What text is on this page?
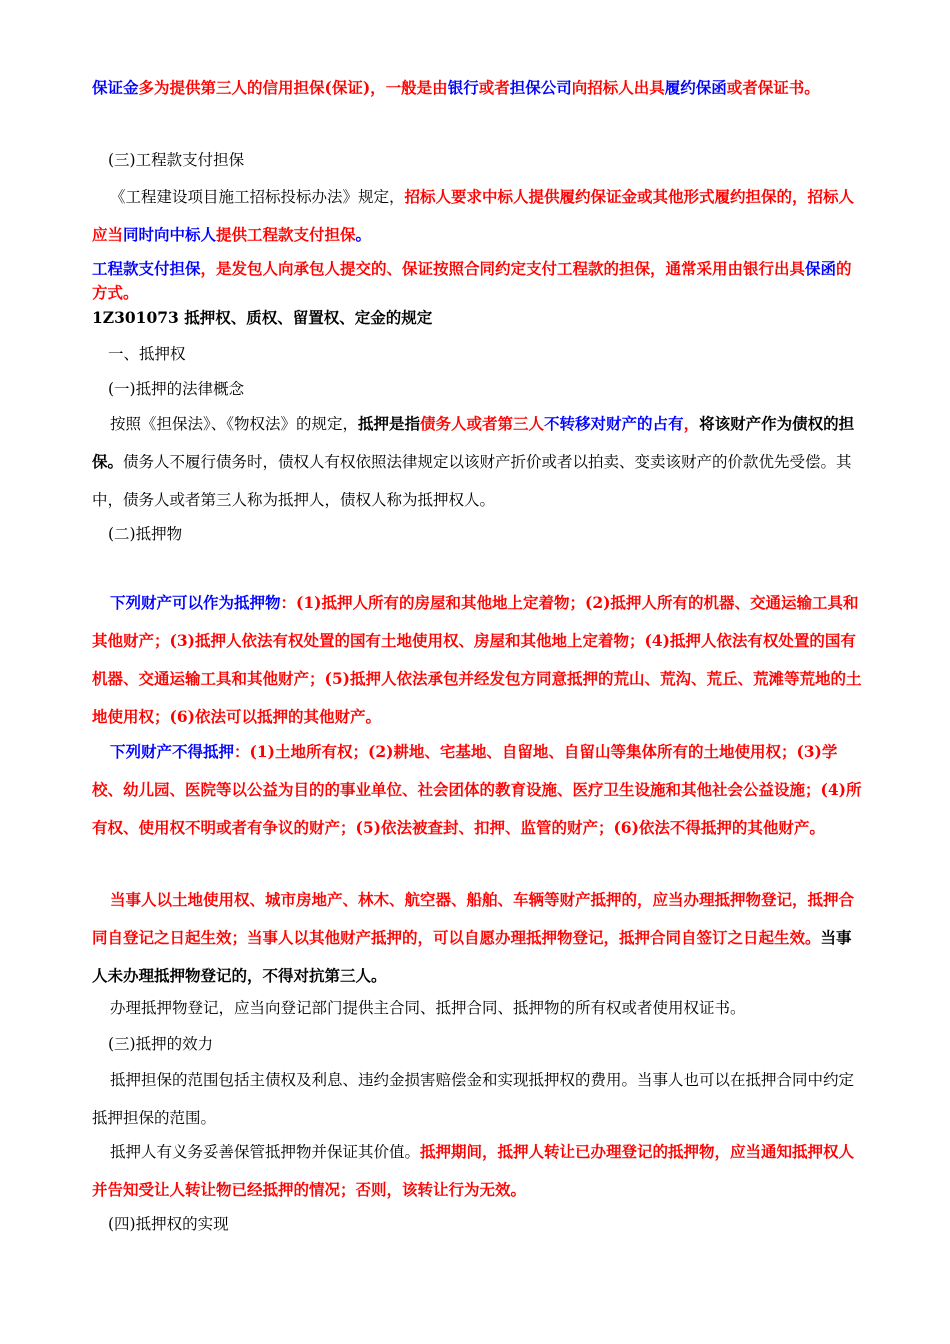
保证金多为提供第三人的信用担保(保证)，一般是由银行或者担保公司向招标人出具履约保函或者保证书。

(三)工程款支付担保

《工程建设项目施工招标投标办法》规定，招标人要求中标人提供履约保证金或其他形式履约担保的，招标人应当同时向中标人提供工程款支付担保。

工程款支付担保，是发包人向承包人提交的、保证按照合同约定支付工程款的担保，通常采用由银行出具保函的方式。

1Z301073 抵押权、质权、留置权、定金的规定

一、抵押权

(一)抵押的法律概念

按照《担保法》、《物权法》的规定，抵押是指债务人或者第三人不转移对财产的占有，将该财产作为债权的担保。债务人不履行债务时，债权人有权依照法律规定以该财产折价或者以拍卖、变卖该财产的价款优先受偿。其中，债务人或者第三人称为抵押人，债权人称为抵押权人。

(二)抵押物

下列财产可以作为抵押物：(1)抵押人所有的房屋和其他地上定着物；(2)抵押人所有的机器、交通运输工具和其他财产；(3)抵押人依法有权处置的国有土地使用权、房屋和其他地上定着物；(4)抵押人依法有权处置的国有机器、交通运输工具和其他财产；(5)抵押人依法承包并经发包方同意抵押的荒山、荒沟、荒丘、荒滩等荒地的土地使用权；(6)依法可以抵押的其他财产。

下列财产不得抵押：(1)土地所有权；(2)耕地、宅基地、自留地、自留山等集体所有的土地使用权；(3)学校、幼儿园、医院等以公益为目的的事业单位、社会团体的教育设施、医疗卫生设施和其他社会公益设施；(4)所有权、使用权不明或者有争议的财产；(5)依法被查封、扣押、监管的财产；(6)依法不得抵押的其他财产。

当事人以土地使用权、城市房地产、林木、航空器、船舶、车辆等财产抵押的，应当办理抵押物登记，抵押合同自登记之日起生效；当事人以其他财产抵押的，可以自愿办理抵押物登记，抵押合同自签订之日起生效。当事人未办理抵押物登记的，不得对抗第三人。

办理抵押物登记，应当向登记部门提供主合同、抵押合同、抵押物的所有权或者使用权证书。

(三)抵押的效力

抵押担保的范围包括主债权及利息、违约金损害赔偿金和实现抵押权的费用。当事人也可以在抵押合同中约定抵押担保的范围。

抵押人有义务妥善保管抵押物并保证其价值。抵押期间，抵押人转让已办理登记的抵押物，应当通知抵押权人并告知受让人转让物已经抵押的情况；否则，该转让行为无效。

(四)抵押权的实现
